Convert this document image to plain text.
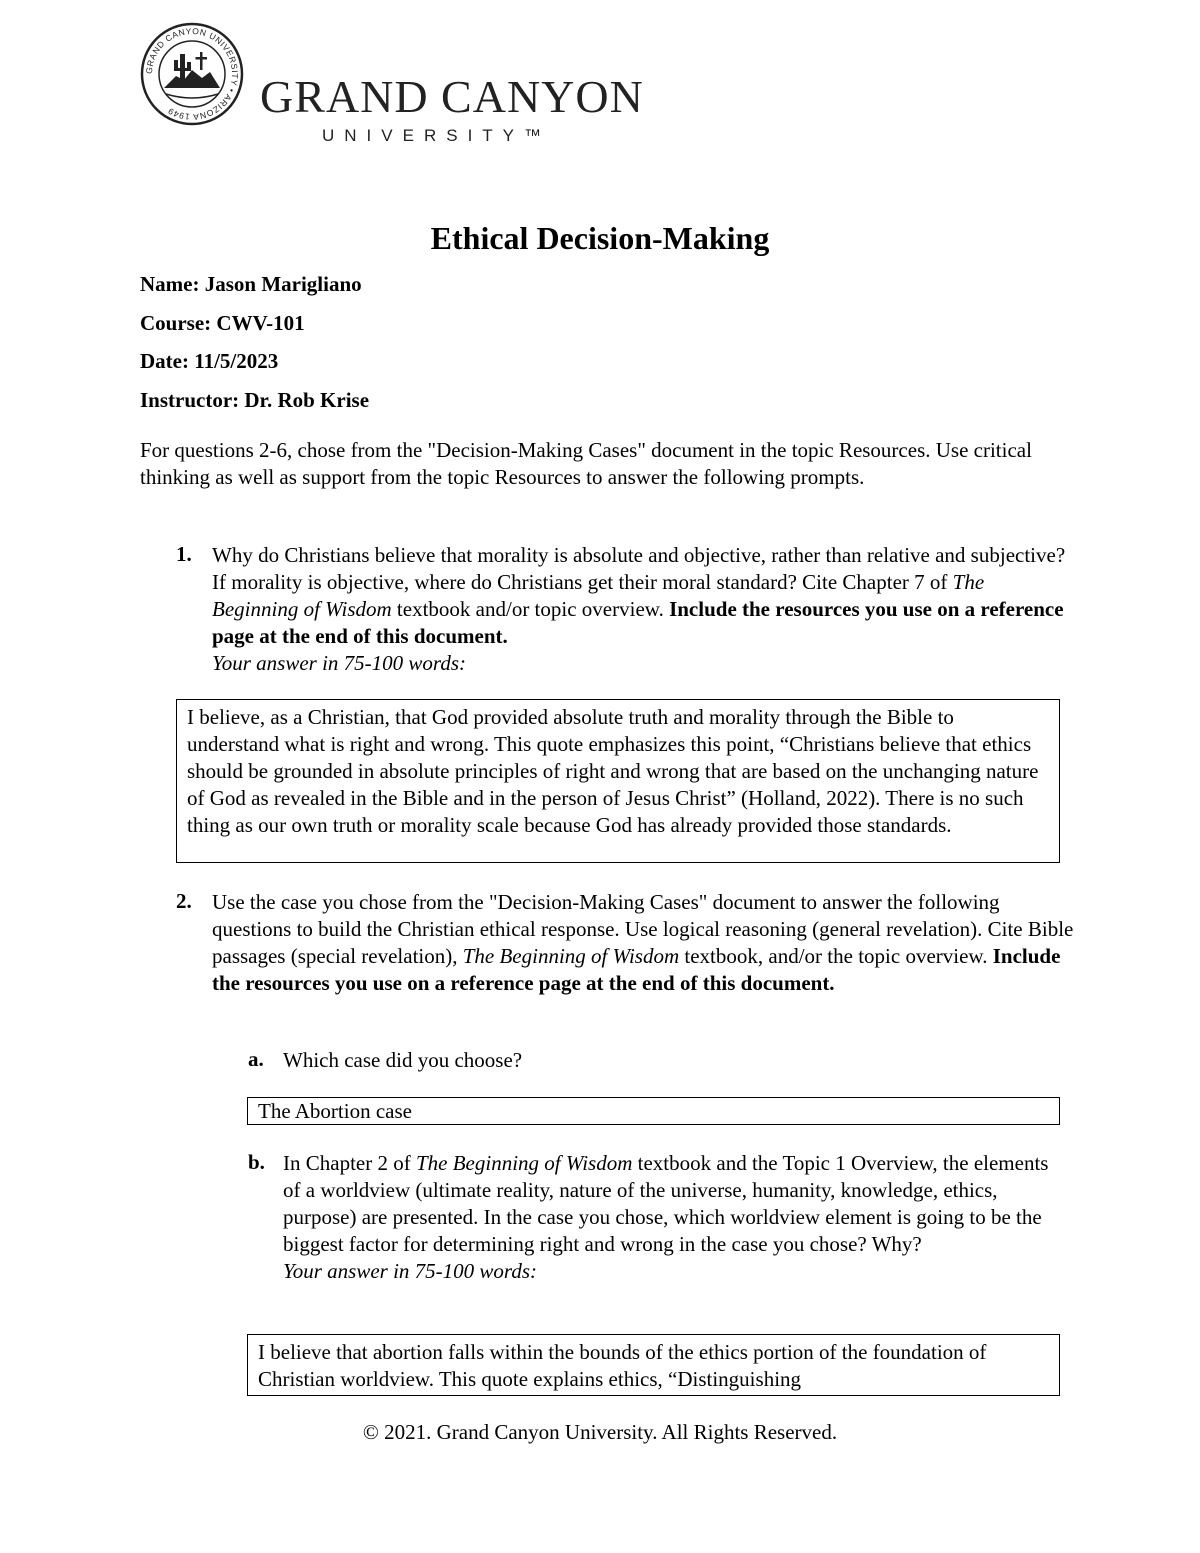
GRAND CANYON UNIVERSITY • ARIZONA 1949	GRAND CANYON
UNIVERSITY™
Ethical Decision-Making
Name: Jason Marigliano
Course: CWV-101
Date: 11/5/2023
Instructor: Dr. Rob Krise
For questions 2-6, chose from the "Decision-Making Cases" document in the topic Resources. Use critical thinking as well as support from the topic Resources to answer the following prompts.
1. Why do Christians believe that morality is absolute and objective, rather than relative and subjective? If morality is objective, where do Christians get their moral standard? Cite Chapter 7 of The Beginning of Wisdom textbook and/or topic overview. Include the resources you use on a reference page at the end of this document.
Your answer in 75-100 words:
I believe, as a Christian, that God provided absolute truth and morality through the Bible to understand what is right and wrong. This quote emphasizes this point, “Christians believe that ethics should be grounded in absolute principles of right and wrong that are based on the unchanging nature of God as revealed in the Bible and in the person of Jesus Christ” (Holland, 2022). There is no such thing as our own truth or morality scale because God has already provided those standards.
2. Use the case you chose from the "Decision-Making Cases" document to answer the following questions to build the Christian ethical response. Use logical reasoning (general revelation). Cite Bible passages (special revelation), The Beginning of Wisdom textbook, and/or the topic overview. Include the resources you use on a reference page at the end of this document.
a. Which case did you choose?
The Abortion case
b. In Chapter 2 of The Beginning of Wisdom textbook and the Topic 1 Overview, the elements of a worldview (ultimate reality, nature of the universe, humanity, knowledge, ethics, purpose) are presented. In the case you chose, which worldview element is going to be the biggest factor for determining right and wrong in the case you chose? Why?
Your answer in 75-100 words:
I believe that abortion falls within the bounds of the ethics portion of the foundation of Christian worldview. This quote explains ethics, “Distinguishing
© 2021. Grand Canyon University. All Rights Reserved.
